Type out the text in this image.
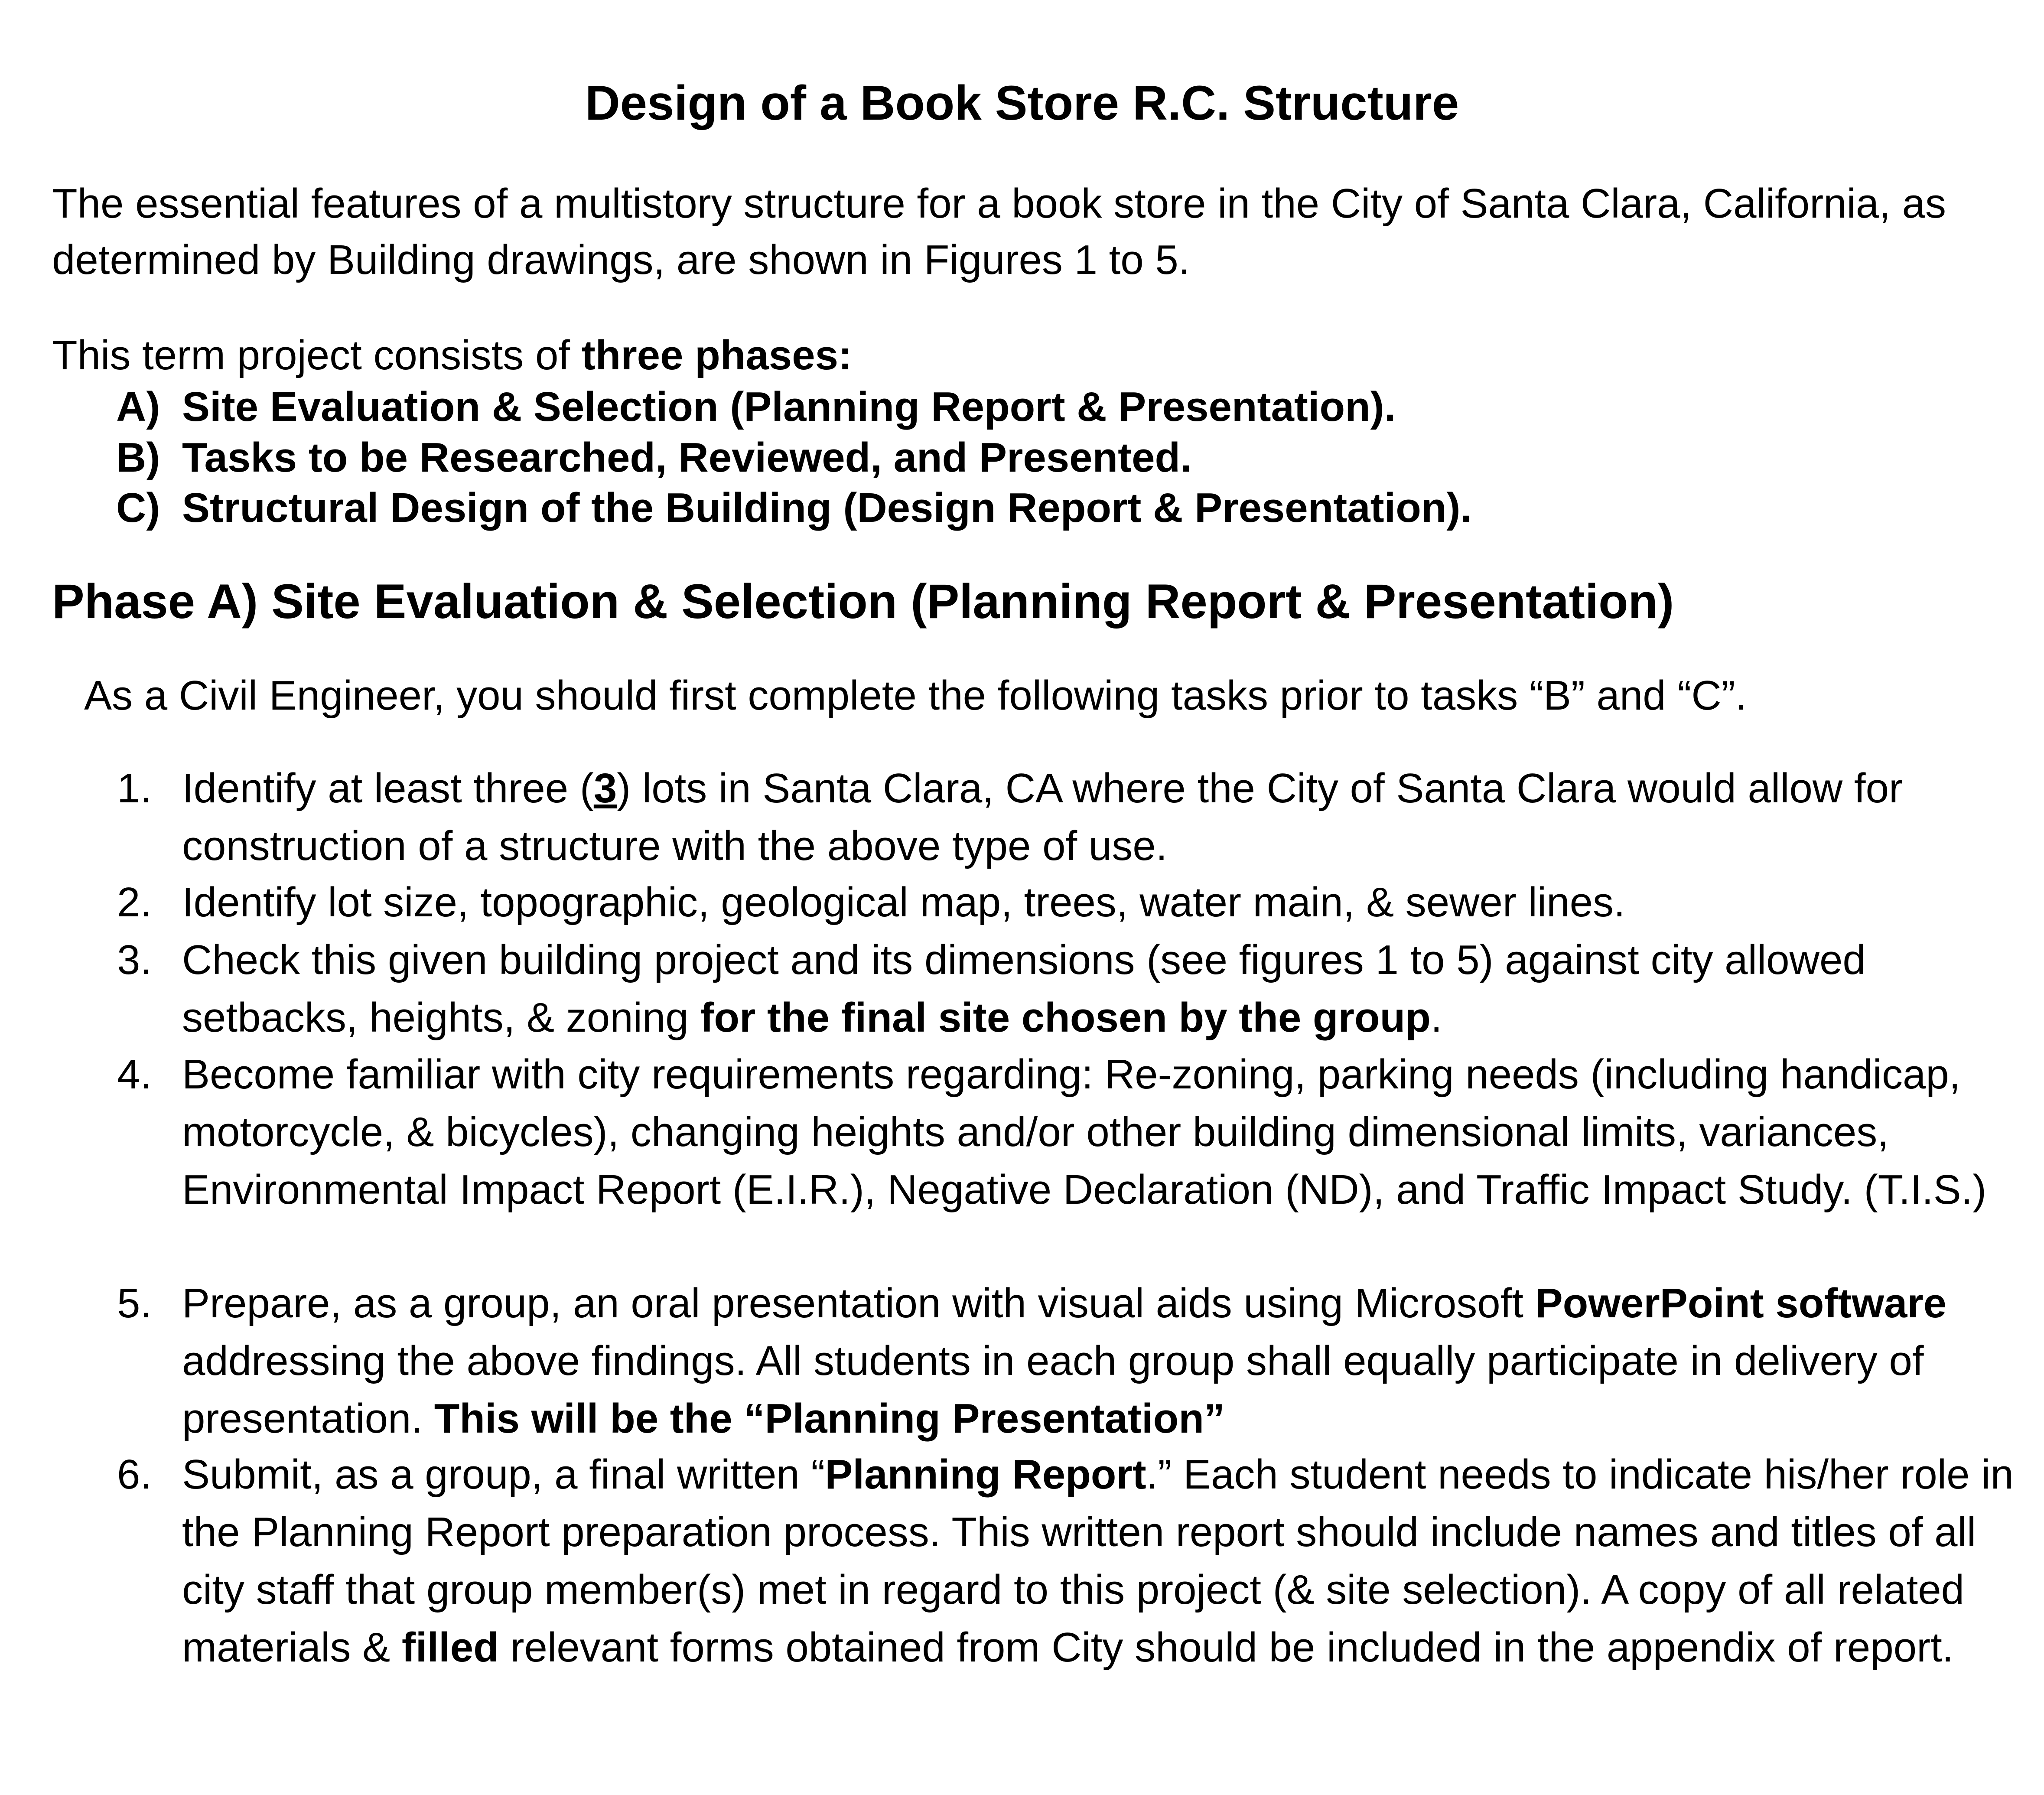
Design of a Book Store R.C. Structure

The essential features of a multistory structure for a book store in the City of Santa Clara, California, as determined by Building drawings, are shown in Figures 1 to 5.

This term project consists of three phases:

A) Site Evaluation & Selection (Planning Report & Presentation).
B) Tasks to be Researched, Reviewed, and Presented.
C) Structural Design of the Building (Design Report & Presentation).
Phase A) Site Evaluation & Selection (Planning Report & Presentation)

As a Civil Engineer, you should first complete the following tasks prior to tasks “B” and “C”.

1. Identify at least three (3) lots in Santa Clara, CA where the City of Santa Clara would allow for construction of a structure with the above type of use.
2. Identify lot size, topographic, geological map, trees, water main, & sewer lines.
3. Check this given building project and its dimensions (see figures 1 to 5) against city allowed setbacks, heights, & zoning for the final site chosen by the group.
4. Become familiar with city requirements regarding: Re-zoning, parking needs (including handicap, motorcycle, & bicycles), changing heights and/or other building dimensional limits, variances, Environmental Impact Report (E.I.R.), Negative Declaration (ND), and Traffic Impact Study. (T.I.S.)
5. Prepare, as a group, an oral presentation with visual aids using Microsoft PowerPoint software addressing the above findings. All students in each group shall equally participate in delivery of presentation. This will be the “Planning Presentation”
6. Submit, as a group, a final written “Planning Report.” Each student needs to indicate his/her role in the Planning Report preparation process. This written report should include names and titles of all city staff that group member(s) met in regard to this project (& site selection). A copy of all related materials & filled relevant forms obtained from City should be included in the appendix of report.
